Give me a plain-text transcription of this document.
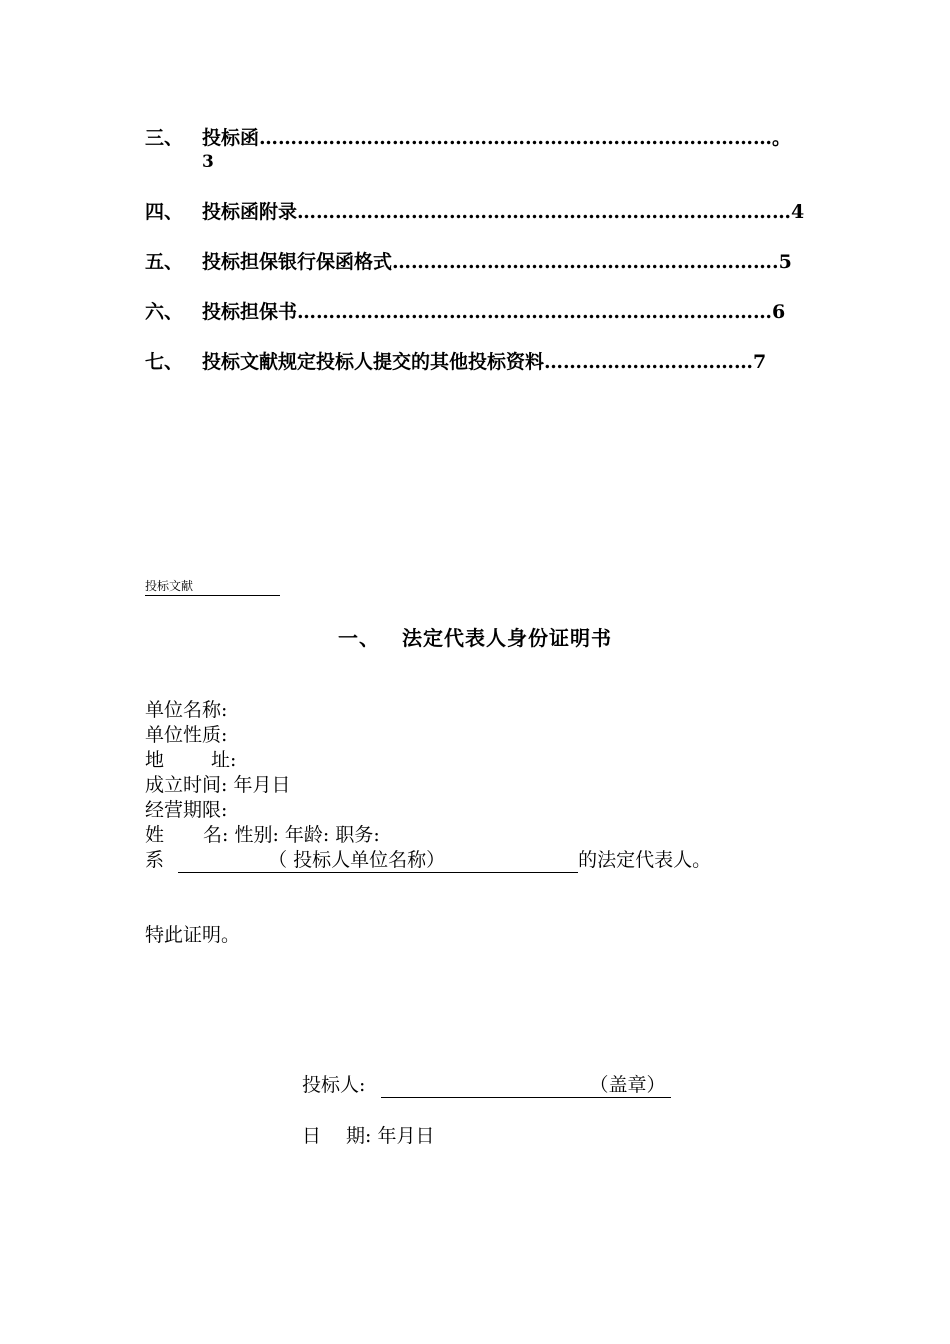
三、 投标函………………………………………………………………………。
3
四、 投标函附录……………………………………………………………………4
五、 投标担保银行保函格式…………………………………………………….5
六、 投标担保书…………………………………………………………………6
七、 投标文献规定投标人提交的其他投标资料……………………………7
投标文献
一、 法定代表人身份证明书
单位名称:
单位性质:
地 址:
成立时间: 年月日
经营期限:
姓 名: 性别: 年龄: 职务:
系	（ 投标人单位名称）	的法定代表人。
特此证明。
投标人:	（盖章）
日 期: 年月日
